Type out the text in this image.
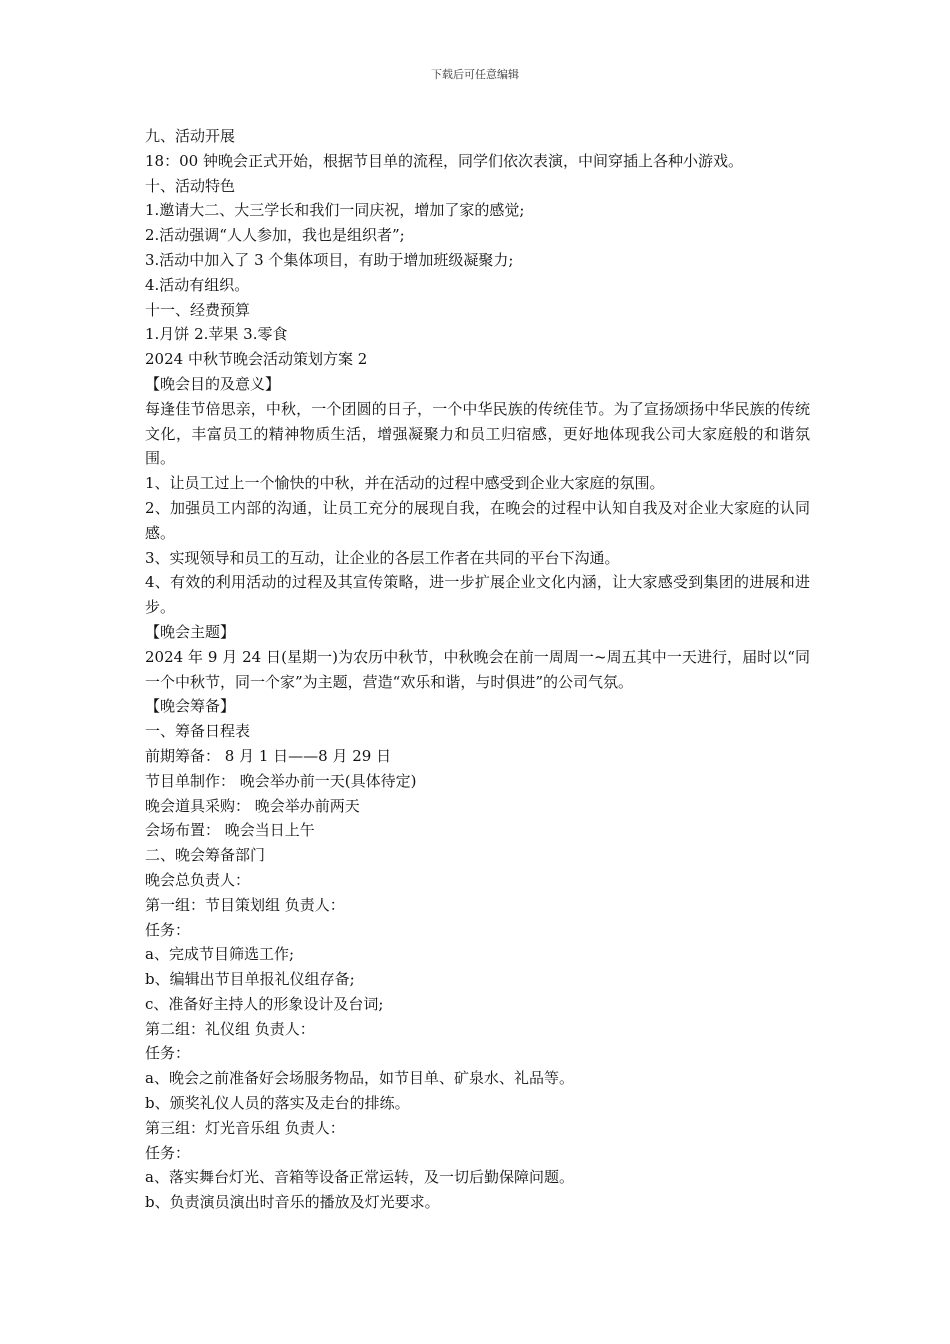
下载后可任意编辑
九、活动开展
18：00 钟晚会正式开始，根据节目单的流程，同学们依次表演，中间穿插上各种小游戏。
十、活动特色
1.邀请大二、大三学长和我们一同庆祝，增加了家的感觉;
2.活动强调“人人参加，我也是组织者”;
3.活动中加入了 3 个集体项目，有助于增加班级凝聚力;
4.活动有组织。
十一、经费预算
1.月饼 2.苹果 3.零食
2024 中秋节晚会活动策划方案 2
【晚会目的及意义】
每逢佳节倍思亲，中秋，一个团圆的日子，一个中华民族的传统佳节。为了宣扬颂扬中华民族的传统文化，丰富员工的精神物质生活，增强凝聚力和员工归宿感，更好地体现我公司大家庭般的和谐氛围。
1、让员工过上一个愉快的中秋，并在活动的过程中感受到企业大家庭的氛围。
2、加强员工内部的沟通，让员工充分的展现自我，在晚会的过程中认知自我及对企业大家庭的认同感。
3、实现领导和员工的互动，让企业的各层工作者在共同的平台下沟通。
4、有效的利用活动的过程及其宣传策略，进一步扩展企业文化内涵，让大家感受到集团的进展和进步。
【晚会主题】
2024 年 9 月 24 日(星期一)为农历中秋节，中秋晚会在前一周周一~周五其中一天进行，届时以“同一个中秋节，同一个家”为主题，营造“欢乐和谐，与时俱进”的公司气氛。
【晚会筹备】
一、筹备日程表
前期筹备： 8 月 1 日——8 月 29 日
节目单制作： 晚会举办前一天(具体待定)
晚会道具采购： 晚会举办前两天
会场布置： 晚会当日上午
二、晚会筹备部门
晚会总负责人：
第一组：节目策划组 负责人：
任务：
a、完成节目筛选工作;
b、编辑出节目单报礼仪组存备;
c、准备好主持人的形象设计及台词;
第二组：礼仪组 负责人：
任务：
a、晚会之前准备好会场服务物品，如节目单、矿泉水、礼品等。
b、颁奖礼仪人员的落实及走台的排练。
第三组：灯光音乐组 负责人：
任务：
a、落实舞台灯光、音箱等设备正常运转，及一切后勤保障问题。
b、负责演员演出时音乐的播放及灯光要求。
